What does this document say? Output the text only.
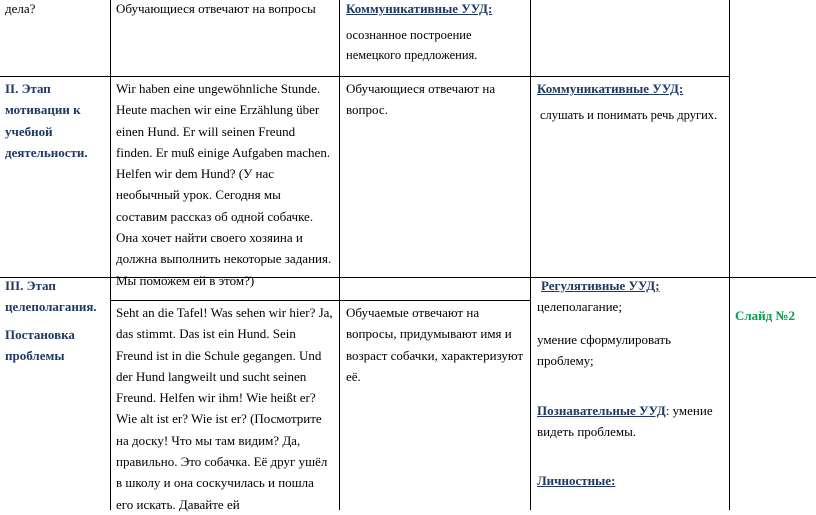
дела?	Обучающиеся отвечают на вопросы	Коммуникативные УУД:

осознанное построение немецкого предложения.

II. Этап мотивации к учебной деятельности.

Wir haben eine ungewöhnliche Stunde. Heute machen wir eine Erzählung über einen Hund. Er will seinen Freund finden. Er muß einige Aufgaben machen. Helfen wir dem Hund? (У нас необычный урок. Сегодня мы составим рассказ об одной собачке. Она хочет найти своего хозяина и должна выполнить некоторые задания. Мы поможем ей в этом?)

Обучающиеся отвечают на вопрос.

Коммуникативные УУД:

слушать и понимать речь других.

III. Этап целеполагания.

Постановка проблемы

Seht an die Tafel! Was sehen wir hier? Ja, das stimmt. Das ist ein Hund. Sein Freund ist in die Schule gegangen. Und der Hund langweilt und sucht seinen Freund. Helfen wir ihm! Wie heißt er? Wie alt ist er? Wie ist er? (Посмотрите на доску! Что мы там видим? Да, правильно. Это собачка. Её друг ушёл в школу и она соскучилась и пошла его искать. Давайте ей

Обучаемые отвечают на вопросы, придумывают имя и возраст собачки, характеризуют её.

Регулятивные УУД;

целеполагание;

умение сформулировать проблему;

Познавательные УУД: умение видеть проблемы.

Личностные:

Слайд №2
